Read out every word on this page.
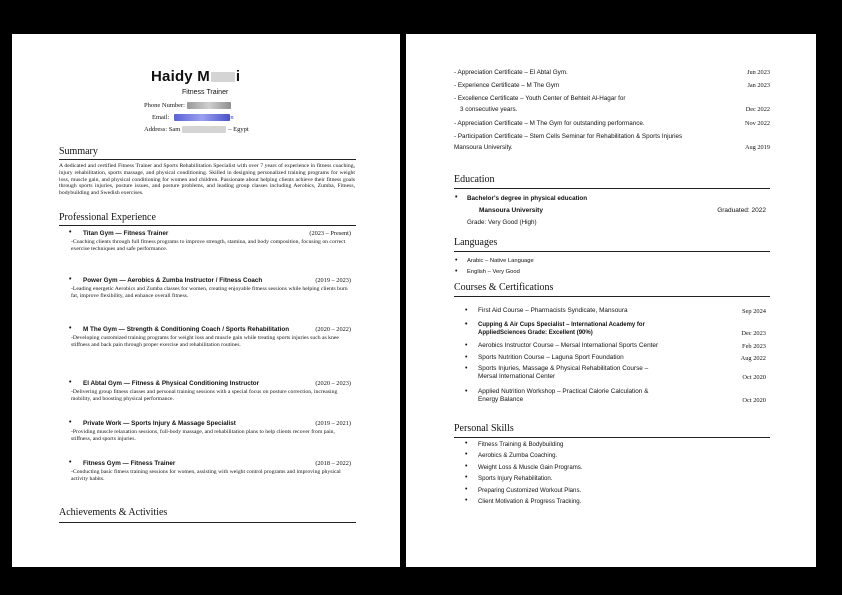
Haidy M i
Fitness Trainer
Phone Number:
Email:	n
Address: Sam	– Egypt
Summary
A dedicated and certified Fitness Trainer and Sports Rehabilitation Specialist with over 7 years of experience in fitness coaching, injury rehabilitation, sports massage, and physical conditioning. Skilled in designing personalized training programs for weight loss, muscle gain, and physical conditioning for women and children. Passionate about helping clients achieve their fitness goals through sports injuries, posture issues, and posture problems, and leading group classes including Aerobics, Zumba, Fitness, bodybuilding and Swedish exercises.
Professional Experience
• Titan Gym — Fitness Trainer	(2023 – Present)
-Coaching clients through full fitness programs to improve strength, stamina, and body composition, focusing on correct exercise techniques and safe performance.
• Power Gym — Aerobics & Zumba Instructor / Fitness Coach	(2019 – 2023)
-Leading energetic Aerobics and Zumba classes for women, creating enjoyable fitness sessions while helping clients burn fat, improve flexibility, and enhance overall fitness.
• M The Gym — Strength & Conditioning Coach / Sports Rehabilitation	(2020 – 2022)
-Developing customized training programs for weight loss and muscle gain while treating sports injuries such as knee stiffness and back pain through proper exercise and rehabilitation routines.
• El Abtal Gym — Fitness & Physical Conditioning Instructor	(2020 – 2023)
-Delivering group fitness classes and personal training sessions with a special focus on posture correction, increasing mobility, and boosting physical performance.
• Private Work — Sports Injury & Massage Specialist	(2019 – 2021)
-Providing muscle relaxation sessions, full-body massage, and rehabilitation plans to help clients recover from pain, stiffness, and sports injuries.
• Fitness Gym — Fitness Trainer	(2018 – 2022)
-Conducting basic fitness training sessions for women, assisting with weight control programs and improving physical activity habits.
Achievements & Activities
- Appreciation Certificate – El Abtal Gym.	Jun 2023
- Experience Certificate – M The Gym	Jan 2023
- Excellence Certificate – Youth Center of Behteit Al-Hagar for
3 consecutive years.	Dec 2022
- Appreciation Certificate – M The Gym for outstanding performance.	Nov 2022
- Participation Certificate – Stem Cells Seminar for Rehabilitation & Sports Injuries
Mansoura University.	Aug 2019
Education
• Bachelor's degree in physical education
Mansoura University	Graduated: 2022
Grade: Very Good (High)
Languages
• Arabic – Native Language
• English – Very Good
Courses & Certifications
• First Aid Course – Pharmacists Syndicate, Mansoura	Sep 2024
• Cupping & Air Cups Specialist – International Academy for
AppliedSciences Grade: Excellent (90%)	Dec 2023
• Aerobics Instructor Course – Mersal International Sports Center	Feb 2023
• Sports Nutrition Course – Laguna Sport Foundation	Aug 2022
• Sports Injuries, Massage & Physical Rehabilitation Course –
Mersal International Center	Oct 2020
• Applied Nutrition Workshop – Practical Calorie Calculation &
Energy Balance	Oct 2020
Personal Skills
• Fitness Training & Bodybuilding
• Aerobics & Zumba Coaching.
• Weight Loss & Muscle Gain Programs.
• Sports Injury Rehabilitation.
• Preparing Customized Workout Plans.
• Client Motivation & Progress Tracking.
